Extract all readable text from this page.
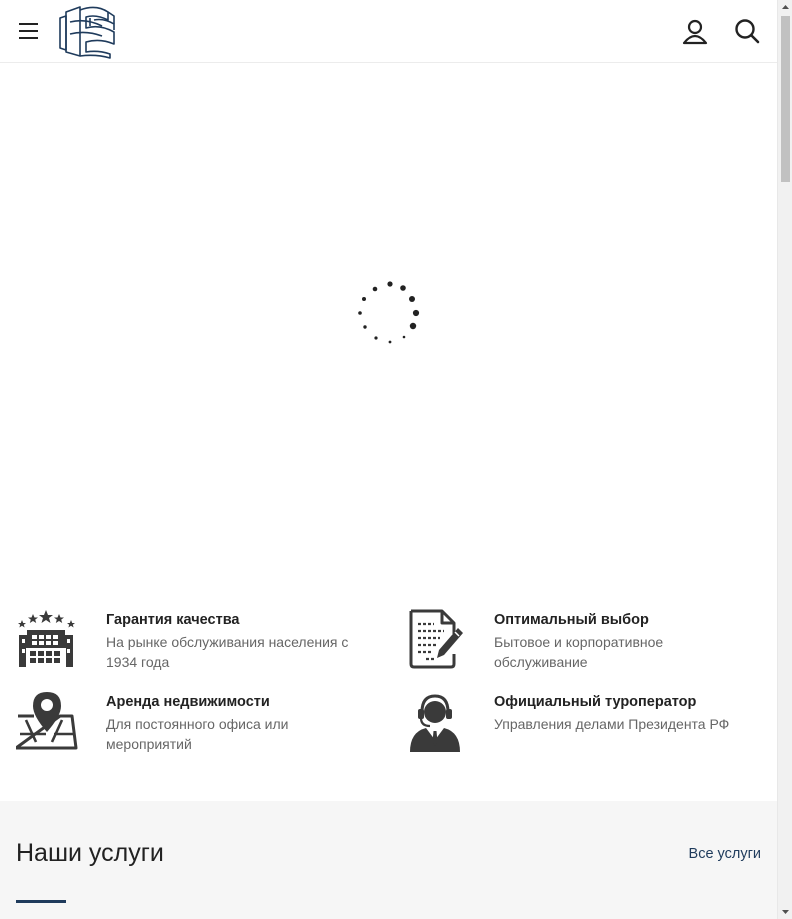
Гарантия качества
На рынке обслуживания населения с 1934 года
Оптимальный выбор
Бытовое и корпоративное обслуживание
Аренда недвижимости
Для постоянного офиса или мероприятий
Официальный туроператор
Управления делами Президента РФ
Наши услуги	Все услуги
